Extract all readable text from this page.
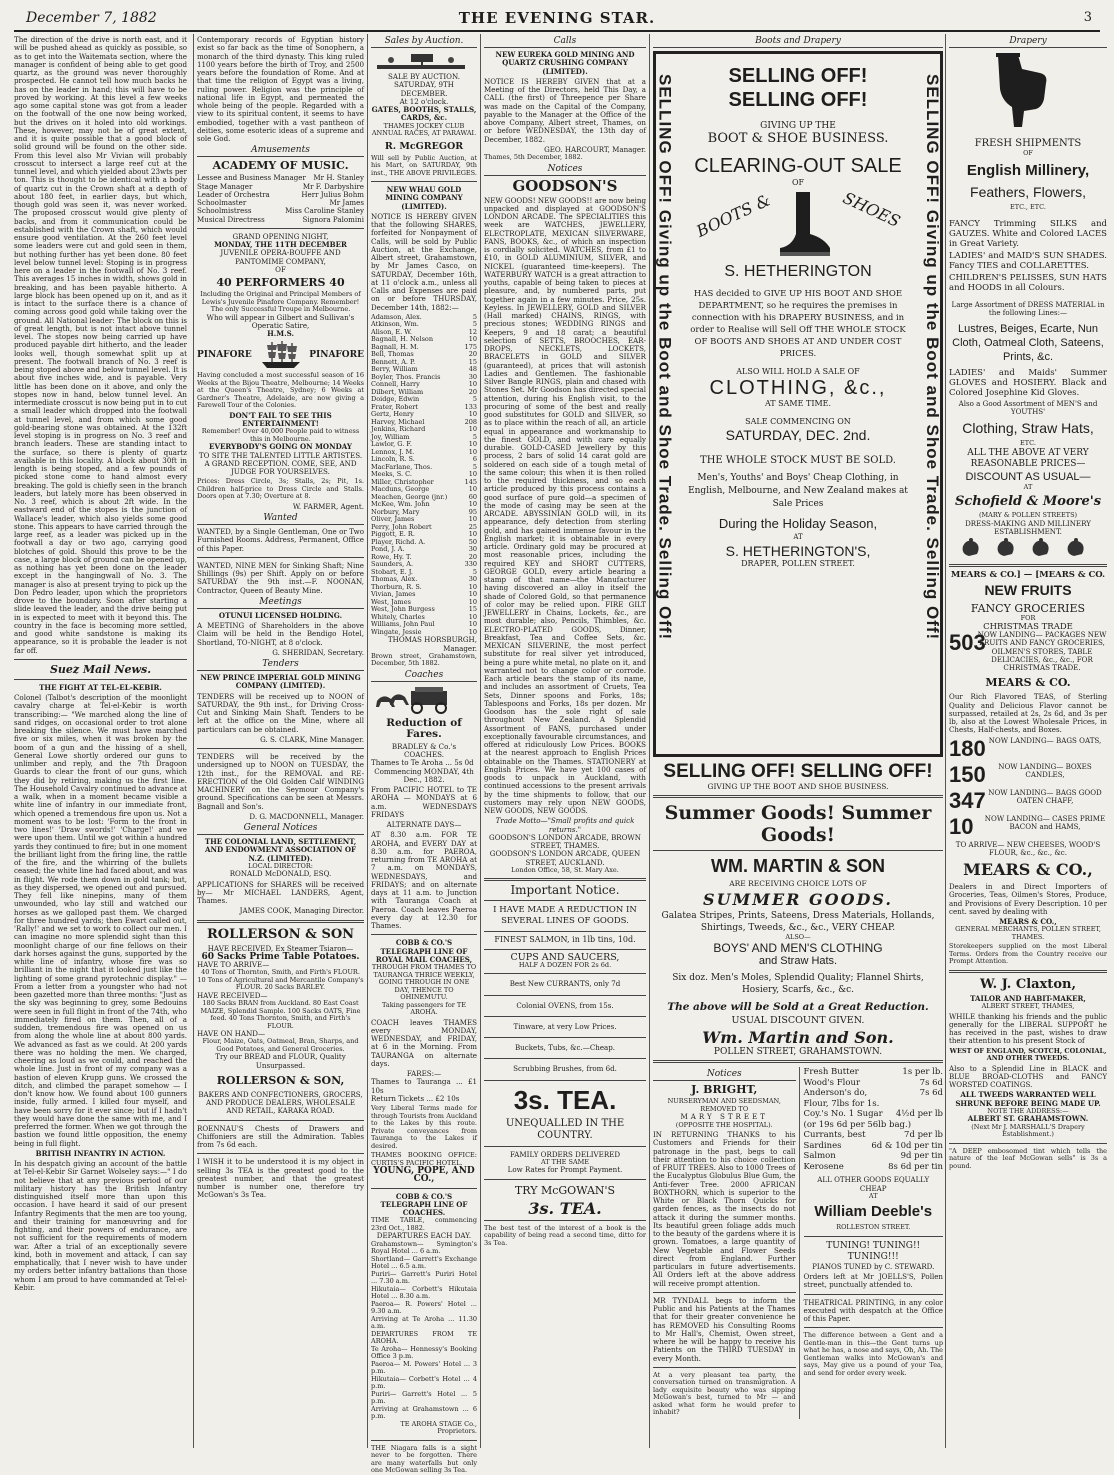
December 7, 1882	THE EVENING STAR.	3

The direction of the drive is north east, and it will be pushed ahead as quickly as possible, so as to get into the Waitemata section, where the manager is confident of being able to get good quartz, as the ground was never thoroughly prospected. He cannot tell how much backs he has on the leader in hand; this will have to be proved by working. At this level a few weeks ago some capital stone was got from a leader on the footwall of the one now being worked, but the drives on it holed into old workings. These, however, may not be of great extent, and it is quite possible that a good block of solid ground will be found on the other side. From this level also Mr Vivian will probably crosscut to intersect a large reef cut at the tunnel level, and which yielded about 23wts per ton. This is thought to be identical with a body of quartz cut in the Crown shaft at a depth of about 180 feet, in earlier days, but which, though gold was seen it, was never worked. The proposed crosscut would give plenty of backs, and from it communication could be established with the Crown shaft, which would ensure good ventilation. At the 260 feet level some leaders were cut and gold seen in them, but nothing further has yet been done. 80 feet level below tunnel level: Stoping is in progress here on a leader in the footwall of No. 3 reef. This averages 15 inches in width, shows gold in breaking, and has been payable hitherto. A large block has been opened up on it, and as it is intact to the surface there is a chance of coming across good gold while taking over the ground. All National leader: The block on this is of great length, but is not intact above tunnel level. The stopes now being carried up have produced payable dirt hitherto, and the leader looks well, though somewhat split up at present. The footwall branch of No. 3 reef is being stoped above and below tunnel level. It is about five inches wide, and is payable. Very little has been done on it above, and only the stopes now in hand, below tunnel level. An intermediate crosscut is now being put in to cut a small leader which dropped into the footwall at tunnel level, and from which some good gold-bearing stone was obtained. At the 132ft level stoping is in progress on No. 3 reef and branch leaders. These are standing intact to the surface, so there is plenty of quartz available in this locality. A block about 30ft in length is being stoped, and a few pounds of picked stone come to hand almost every breaking. The gold is chiefly seen in the branch leaders, but lately more has been observed in No. 3 reef, which is about 2ft wide. In the eastward end of the stopes is the junction of Wallace's leader, which also yields some good stone. This appears to have carried through the large reef, as a leader was picked up in the footwall a day or two ago, carrying good blotches of gold. Should this prove to be the case, a large block of ground can be opened up, as nothing has yet been done on the leader except in the hangingwall of No. 3. The manager is also at present trying to pick up the Don Pedro leader, upon which the proprietors drove to the boundary. Soon after starting a slide leaved the leader, and the drive being put in is expected to meet with it beyond this. The country in the face is becoming more settled, and good white sandstone is making its appearance, so it is probable the leader is not far off.

Suez Mail News.
THE FIGHT AT TEL-EL-KEBIR.

Colonel (Talbot's description of the moonlight cavalry charge at Tel-el-Kebir is worth transcribing:— "We marched along the line of sand ridges, on occasional order to trot alone breaking the silence. We must have marched five or six miles, when it was broken by the boom of a gun and the hissing of a shell, General Lowe shortly ordered our guns to unlimber and reply, and the 7th Dragoon Guards to clear the front of our guns, which they did by retiring, making us the first line. The Household Cavalry continued to advance at a walk, when in a moment became visible a white line of infantry in our immediate front, which opened a tremendous fire upon us. Not a moment was to be lost: 'Form to the front in two lines!' 'Draw swords!' 'Charge!' and we were upon them. Until we got within a hundred yards they continued to fire; but in one moment the brilliant light from the firing line, the rattle of the fire, and the whirring of the bullets ceased; the white line had faced about, and was in flight. We rode them down in gold tank; but, as they dispersed, we opened out and pursued. They fell like ninepins, many of them unwounded, who lay still and watched our horses as we galloped past them. We charged for three hundred yards; then Ewart called out, 'Rally!' and we set to work to collect our men. I can imagine no more splendid sight than this moonlight charge of our fine fellows on their dark horses against the guns, supported by the white line of infantry, whose fire was so brilliant in the night that it looked just like the lighting of some grand pyrotechnic display." — From a letter from a youngster who had not been gazetted more than three months: "Just as the sky was beginning to grey, some Bedouins were seen in full flight in front of the 74th, who immediately fired on them. Then, all of a sudden, tremendous fire was opened on us from along the whole line at about 800 yards. We advanced as fast as we could. At 200 yards there was no holding the men. We charged, cheering as loud as we could, and reached the whole line. Just in front of my company was a bastion of eleven Krupp guns. We crossed the ditch, and climbed the parapet somehow — I don't know how. We found about 100 gunners inside, fully armed. I killed four myself, and have been sorry for it ever since; but if I hadn't they would have done the same with me, and I preferred the former. When we got through the bastion we found little opposition, the enemy being in full flight.

BRITISH INFANTRY IN ACTION.

In his despatch giving an account of the battle at Tel-el-Kebir Sir Garnet Wolseley says:—" I do not believe that at any previous period of our military history has the British Infantry distinguished itself more than upon this occasion. I have heard it said of our present Infantry Regiments that the men are too young, and their training for manœuvring and for fighting, and their powers of endurance, are not sufficient for the requirements of modern war. After a trial of an exceptionally severe kind, both in movement and attack, I can say emphatically, that I never wish to have under my orders better infantry battalions than those whom I am proud to have commanded at Tel-el-Kebir.

Contemporary records of Egyptian history exist so far back as the time of Sonophern, a monarch of the third dynasty. This king ruled 1100 years before the birth of Troy, and 2500 years before the foundation of Rome. And at that time the religion of Egypt was a living, ruling power. Religion was the principle of national life in Egypt, and permeated the whole being of the people. Regarded with a view to its spiritual content, it seems to have embodied, together with a vast pantheon of deities, some esoteric ideas of a supreme and sole God.

Amusements
ACADEMY OF MUSIC.
Lessee and Business Manager Mr H. Stanley
Stage Manager	Mr F. Darbyshire
Leader of Orchestra	Herr Julius Bohm
Schoolmaster	Mr James
Schoolmistress	Miss Caroline Stanley
Musical Directress	Signora Palomini
GRAND OPENING NIGHT,
MONDAY, THE 11TH DECEMBER
JUVENILE OPERA-BOUFFE AND PANTOMIME COMPANY,
OF
40 PERFORMERS 40
Including the Original and Principal Members of Lewis's Juvenile Pinafore Company. Remember! The only Successful Troupe in Melbourne.
Who will appear in Gilbert and Sullivan's Operatic Satire,
H.M.S.
PINAFORE	PINAFORE

Having concluded a most successful season of 16 Weeks at the Bijou Theatre, Melbourne; 14 Weeks at the Queen's Theatre, Sydney; 6 Weeks at Gardner's Theatre, Adelaide, are now giving a Farewell Tour of the Colonies.

DON'T FAIL TO SEE THIS ENTERTAINMENT!
Remember! Over 40,000 People paid to witness this in Melbourne.
EVERYBODY'S GOING ON MONDAY
TO SITE THE TALENTED LITTLE ARTISTES. A GRAND RECEPTION. COME, SEE, AND JUDGE FOR YOURSELVES.

Prices: Dress Circle, 3s; Stalls, 2s; Pit, 1s. Children half-price to Dress Circle and Stalls. Doors open at 7.30; Overture at 8.

W. FARMER, Agent.
Wanted

WANTED, by a Single Gentleman, One or Two Furnished Rooms. Address, Permanent, Office of this Paper.

WANTED, NINE MEN for Sinking Shaft; Nine Shillings (9s) per Shift. Apply on or before SATURDAY the 9th inst.—F. NOONAN, Contractor, Queen of Beauty Mine.

Meetings
OTUNUI LICENSED HOLDING.

A MEETING of Shareholders in the above Claim will be held in the Bendigo Hotel, Shortland, TO-NIGHT, at 8 o'clock.

G. SHERIDAN, Secretary.
Tenders
NEW PRINCE IMPERIAL GOLD MINING COMPANY (LIMITED).

TENDERS will be received up to NOON of SATURDAY, the 9th inst., for Driving Cross-Cut and Sinking Main Shaft. Tenders to be left at the office on the Mine, where all particulars can be obtained.

G. S. CLARK, Mine Manager.

TENDERS will be received by the undersigned up to NOON on TUESDAY, the 12th inst., for the REMOVAL and RE-ERECTION of the Old Golden Calf WINDING MACHINERY on the Seymour Company's ground. Specifications can be seen at Messrs. Bagnall and Son's.

D. G. MACDONNELL, Manager.
General Notices
THE COLONIAL LAND, SETTLEMENT, AND ENDOWMENT ASSOCIATION OF N.Z. (LIMITED).
LOCAL DIRECTOR:
RONALD McDONALD, ESQ.

APPLICATIONS for SHARES will be received by— Mr MICHAEL LANDERS, Agent, Thames.

JAMES COOK, Managing Director.
ROLLERSON & SON
HAVE RECEIVED, Ex Steamer Tsiaron—
60 Sacks Prime Table Potatoes.
HAVE TO ARRIVE—
40 Tons of Thornton, Smith, and Firth's FLOUR. 10 Tons of Agricultural and Mercantile Company's FLOUR. 20 Sacks BARLEY.
HAVE RECEIVED—
180 Sacks BRAN from Auckland. 80 East Coast MAIZE, Splendid Sample. 100 Sacks OATS, Fine feed. 40 Tons Thornton, Smith, and Firth's FLOUR.
HAVE ON HAND—
Flour, Maize, Oats, Oatmeal, Bran, Sharps, and Good Potatoes, and General Groceries.
Try our BREAD and FLOUR, Quality Unsurpassed.
ROLLERSON & SON,
BAKERS AND CONFECTIONERS, GROCERS, AND PRODUCE DEALERS, WHOLESALE AND RETAIL, KARAKA ROAD.

ROENNAU'S Chests of Drawers and Chiffoniers are still the Admiration. Tables from 7s 6d each.

I WISH it to be understood it is my object in selling 3s TEA is the greatest good to the greatest number, and that the greatest number is number one, therefore try McGowan's 3s Tea.

Sales by Auction.
SALE BY AUCTION.
SATURDAY, 9TH DECEMBER.
At 12 o'clock.
GATES, BOOTHS, STALLS, CARDS, &c.
THAMES JOCKEY CLUB ANNUAL RACES, AT PARAWAI.
R. McGREGOR

Will sell by Public Auction, at his Mart, on SATURDAY, 9th inst., THE ABOVE PRIVILEGES.

NEW WHAU GOLD MINING COMPANY (LIMITED).

NOTICE IS HEREBY GIVEN that the following SHARES, forfeited for Nonpayment of Calls, will be sold by Public Auction, at the Exchange, Albert street, Grahamstown, by Mr James Casco, on SATURDAY, December 16th, at 11 o'clock a.m., unless all Calls and Expenses are paid on or before THURSDAY, December 14th, 1882:—

Adamson, Alex.	5
Atkinson, Wm.	5
Alison, E. W.	12
Bagnall, H. Nelson	10
Bagnall, H. M.	175
Bell, Thomas	20
Bennett, A. P.	15
Berry, William	48
Boyler, Thos. Francis	30
Connell, Harry	10
Dilbert, William	20
Doidge, Edwin	5
Frater, Robert	133
Gertz, Henry	10
Harvey, Michael	208
Jenkins, Richard	10
Joy, William	5
Lawlor, G. F.	10
Lennox, J. M.	10
Lincoln, R. S.	6
MacFarlane, Thos.	5
Meeks, S. C.	10
Miller, Christopher	145
Macduns, George	10
Meachen, George (jnr.)	60
McKee, Wm. John	10
Norbury, Mary	95
Oliver, James	10
Perry, John Robert	25
Piggott, E. R.	10
Player, Richd. A.	50
Pond, J. A.	30
Rowe, Hy. T.	20
Saunders, A.	330
Stobart, E. J.	5
Thomas, Alex.	30
Thorburn, R. S.	10
Vivian, James	10
West, James	10
West, John Burgess	15
Whitely, Charles	10
Williams, John Paul	10
Wingate, Jessie	10
THOMAS HORSBURGH, Manager.
Brown street, Grahamstown, December, 5th 1882.
Coaches
Reduction of Fares.
BRADLEY & Co.'s COACHES.
Thames to Te Aroha ... 5s 0d
Commencing MONDAY, 4th Dec., 1882.

From PACIFIC HOTEL to TE AROHA — MONDAYS at 6 a.m. WEDNESDAYS FRIDAYS

ALTERNATE DAYS—

AT 8.30 a.m. FOR TE AROHA, and EVERY DAY at 8.30 a.m. for PAEROA, returning from TE AROHA at 7 a.m. on MONDAYS, WEDNESDAYS, and FRIDAYS; and on alternate days at 11 a.m. to Junction with Tauranga Coach at Paeroa. Coach leaves Paeroa every day at 12.30 for Thames.

COBB & CO.'S TELEGRAPH LINE OF ROYAL MAIL COACHES,
THROUGH FROM THAMES TO TAURANGA THRICE WEEKLY, GOING THROUGH IN ONE DAY, THENCE TO OHINEMUTU.
Taking passengers for TE AROHA.

COACH leaves THAMES every MONDAY, WEDNESDAY, and FRIDAY, at 6 in the Morning. From TAURANGA on alternate days.

FARES:—
Thames to Tauranga ... £1 10s
Return Tickets ... £2 10s

Very Liberal Terms made for through Tourists from Auckland to the Lakes by this route. Private conveyances from Tauranga to the Lakes if desired.

THAMES BOOKING OFFICE: CURTIS'S PACIFIC HOTEL.
YOUNG, POPE, AND CO.,
COBB & CO.'S TELEGRAPH LINE OF COACHES.
TIME TABLE, commencing 23rd Oct., 1882.
DEPARTURES EACH DAY.
Grahamstown— Symington's Royal Hotel ... 6 a.m.
Shortland— Garrett's Exchange Hotel ... 6.5 a.m.
Puriri— Garrett's Puriri Hotel ... 7.30 a.m.
Hikutaia— Corbett's Hikutaia Hotel ... 8.30 a.m.
Paeroa— R. Powers' Hotel ... 9.30 a.m.
Arriving at Te Aroha ... 11.30 a.m.
DEPARTURES FROM TE AROHA.
Te Aroha— Hennessy's Booking Office 3 p.m.
Paeroa— M. Powers' Hotel ... 3 p.m.
Hikutaia— Corbett's Hotel ... 4 p.m.
Puriri— Garrett's Hotel ... 5 p.m.
Arriving at Grahamstown ... 6 p.m.
TE AROHA STAGE Co., Proprietors.

THE Niagara falls is a sight never to be forgotten. There are many waterfalls but only one McGowan selling 3s Tea.

Calls
NEW EUREKA GOLD MINING AND QUARTZ CRUSHING COMPANY (LIMITED).

NOTICE IS HEREBY GIVEN that at a Meeting of the Directors, held This Day, a CALL (the first) of Threepence per Share was made on the Capital of the Company, payable to the Manager at the Office of the above Company, Albert street, Thames, on or before WEDNESDAY, the 13th day of December, 1882.

GEO. HARCOURT, Manager.
Thames, 5th December, 1882.
Notices
GOODSON'S

NEW GOODS! NEW GOODS!! are now being unpacked and displayed at GOODSON'S LONDON ARCADE. The SPECIALITIES this week are WATCHES, JEWELLERY, ELECTROPLATE, MEXICAN SILVERWARE, FANS, BOOKS, &c., of which an inspection is cordially solicited. WATCHES, from £1 to £10, in GOLD ALUMINIUM, SILVER, and NICKEL (guaranteed time-keepers). The WATERBURY WATCH is a great attraction to youths, capable of being taken to pieces at pleasure, and, by numbered parts, put together again in a few minutes. Price, 25s. Keyless. In JEWELLERY, GOLD and SILVER (Hall marked) CHAINS, RINGS, with precious stones; WEDDING RINGS and Keepers, 9 and 18 carat; a beautiful selection of SETTS, BROOCHES, EAR-DROPS, NECKLETS, LOCKETS, BRACELETS in GOLD and SILVER (guaranteed), at prices that will astonish Ladies and Gentlemen. The fashionable Silver Bangle RINGS, plain and chased with Stones Set. Mr Goodson has directed special attention, during his English visit, to the procuring of some of the best and really good substitutes for GOLD and SILVER, so as to place within the reach of all, an article equal in appearance and workmanship to the finest GOLD, and with care equally durable. GOLD-CASED Jewellery by this process, 2 bars of solid 14 carat gold are soldered on each side of a tough metal of the same colour; this when it is then rolled to the required thickness, and so each article produced by this process contains a good surface of pure gold—a specimen of the mode of casing may be seen at the ARCADE. ABYSSINIAN GOLD will, in its appearance, defy detection from sterling gold, and has gained immense favour in the English market; it is obtainable in every article. Ordinary gold may be procured at most reasonable prices, including the required KEY and SHORT CUTTERS, GEORGE GOLD, every article bearing a stamp of that name—the Manufacturer having discovered an alloy in itself the shade of Colored Gold, so that permanence of color may be relied upon. FIRE GILT JEWELLERY in Chains, Lockets, &c., are most durable; also, Pencils, Thimbles, &c. ELECTRO-PLATED GOODS, Dinner, Breakfast, Tea and Coffee Sets, &c. MEXICAN SILVERINE, the most perfect substitute for real silver yet introduced, being a pure white metal, no plate on it, and warranted not to change color or corrode. Each article bears the stamp of its name, and includes an assortment of Cruets, Tea Sets, Dinner spoons and Forks, 18s; Tablespoons and Forks, 18s per dozen. Mr Goodson has the sole right of sale throughout New Zealand. A Splendid Assortment of FANS, purchased under exceptionally favourable circumstances, and offered at ridiculously Low Prices. BOOKS at the nearest approach to English Prices obtainable on the Thames. STATIONERY at English Prices. We have yet 100 cases of goods to unpack in Auckland, with continued accessions to the present arrivals by the time shipments to follow, that our customers may rely upon NEW GOODS, NEW GOODS, NEW GOODS.

Trade Motto—"Small profits and quick returns."
GOODSON'S LONDON ARCADE, BROWN STREET, THAMES.
GOODSON'S LONDON ARCADE, QUEEN STREET, AUCKLAND.
London Office, 58, St. Mary Axe.
Important Notice.
I HAVE MADE A REDUCTION IN SEVERAL LINES OF GOODS.
FINEST SALMON, in 1lb tins, 10d.
CUPS AND SAUCERS,
HALF A DOZEN FOR 2s 6d.
Best New CURRANTS, only 7d
Colonial OVENS, from 15s.
Tinware, at very Low Prices.
Buckets, Tubs, &c.—Cheap.
Scrubbing Brushes, from 6d.
3s. TEA.
UNEQUALLED IN THE COUNTRY.
FAMILY ORDERS DELIVERED
AT THE SAME
Low Rates for Prompt Payment.
TRY McGOWAN'S
3s. TEA.

The best test of the interest of a book is the capability of being read a second time, ditto for 3s Tea.

Boots and Drapery
SELLING OFF! Giving up the Boot and Shoe Trade. Selling Off!	SELLING OFF! Giving up the Boot and Shoe Trade. Selling Off!
SELLING OFF!
SELLING OFF!
GIVING UP THE
BOOT & SHOE BUSINESS.
CLEARING-OUT SALE
OF
BOOTS &	SHOES
S. HETHERINGTON

HAS decided to GIVE UP HIS BOOT AND SHOE DEPARTMENT, so he requires the premises in connection with his DRAPERY BUSINESS, and in order to Realise will Sell Off THE WHOLE STOCK OF BOOTS AND SHOES AT AND UNDER COST PRICES.

ALSO WILL HOLD A SALE OF
CLOTHING, &c.,
AT SAME TIME.
SALE COMMENCING ON
SATURDAY, DEC. 2nd.
THE WHOLE STOCK MUST BE SOLD.
Men's, Youths' and Boys' Cheap Clothing, in English, Melbourne, and New Zealand makes at Sale Prices
During the Holiday Season,
AT
S. HETHERINGTON'S,
DRAPER, POLLEN STREET.
SELLING OFF! SELLING OFF!
GIVING UP THE BOOT AND SHOE BUSINESS.
Summer Goods! Summer Goods!
WM. MARTIN & SON
ARE RECEIVING CHOICE LOTS OF
SUMMER GOODS.
Galatea Stripes, Prints, Sateens, Dress Materials, Hollands, Shirtings, Tweeds, &c., &c., VERY CHEAP.
ALSO—
BOYS' AND MEN'S CLOTHING
and Straw Hats.
Six doz. Men's Moles, Splendid Quality; Flannel Shirts, Hosiery, Scarfs, &c., &c.
The above will be Sold at a Great Reduction.
USUAL DISCOUNT GIVEN.
Wm. Martin and Son.
POLLEN STREET, GRAHAMSTOWN.
Notices
J. BRIGHT,
NURSERYMAN AND SEEDSMAN, REMOVED TO
MARY STREET
(OPPOSITE THE HOSPITAL).

IN RETURNING THANKS to his Customers and Friends for their patronage in the past, begs to call their attention to his choice collection of FRUIT TREES. Also to 1000 Trees of the Eucalyptus Globulus Blue Gum, the Anti-fever Tree. 2000 AFRICAN BOXTHORN, which is superior to the White or Black Thorn Quicks for garden fences, as the insects do not attack it during the summer months. Its beautiful green foliage adds much to the beauty of the gardens where it is grown. Tomatoes, a large quantity of New Vegetable and Flower Seeds direct from England. Further particulars in future advertisements. All Orders left at the above address will receive prompt attention.

MR TYNDALL begs to inform the Public and his Patients at the Thames that for their greater convenience he has REMOVED his Consulting Rooms to Mr Hall's, Chemist, Owen street, where he will be happy to receive his Patients on the THIRD TUESDAY in every Month.

At a very pleasant tea party, the conversation turned on transmigration. A lady exquisite beauty who was sipping McGowan's best, turned to Mr — and asked what form he would prefer to inhabit?

Fresh Butter	1s per lb.
Wood's Flour	7s 6d
Anderson's do,	7s 6d
Flour, 7lbs for 1s.
Coy.'s No. 1 Sugar 4½d per lb
(or 19s 6d per 56lb bag.)
Currants, best	7d per lb
Sardines	6d & 10d per tin
Salmon	9d per tin
Kerosene	8s 6d per tin
ALL OTHER GOODS EQUALLY CHEAP
AT
William Deeble's
ROLLESTON STREET.
TUNING! TUNING!! TUNING!!!
PIANOS TUNED by C. STEWARD.

Orders left at Mr JOELLS'S, Pollen street, punctually attended to.

THEATRICAL PRINTING, in any color executed with despatch at the Office of this Paper.

The difference between a Gent and a Gentle-man in this—the Gent turns up what he has, a nose and says, Oh, Ah. The Gentleman walks into McGowan's and says, May give us a pound of your Tea, and send for order every week.

Drapery
FRESH SHIPMENTS
OF
English Millinery,
Feathers, Flowers,
ETC., ETC.

FANCY Trimming SILKS and GAUZES. White and Colored LACES in Great Variety.

LADIES' and MAID'S SUN SHADES. Fancy TIES and COLLARETTES.

CHILDREN'S PELISSES, SUN HATS and HOODS in all Colours.

Large Assortment of DRESS MATERIAL in the following Lines:—
Lustres, Beiges, Ecarte, Nun Cloth, Oatmeal Cloth, Sateens, Prints, &c.

LADIES' and Maids' Summer GLOVES and HOSIERY. Black and Colored Josephine Kid Gloves.

Also a Good Assortment of MEN'S and YOUTHS'
Clothing, Straw Hats,
ETC.
ALL THE ABOVE AT VERY REASONABLE PRICES—
DISCOUNT AS USUAL—
AT
Schofield & Moore's
(MARY & POLLEN STREETS)
DRESS-MAKING AND MILLINERY ESTABLISHMENT.
MEARS & CO.] — [MEARS & CO.
NEW FRUITS
FANCY GROCERIES
FOR
CHRISTMAS TRADE
503
NOW LANDING— PACKAGES NEW FRUITS AND FANCY GROCERIES, OILMEN'S STORES, TABLE DELICACIES, &c., &c., FOR CHRISTMAS TRADE.
MEARS & CO.

Our Rich Flavored TEAS, of Sterling Quality and Delicious Flavor cannot be surpassed, retailed at 2s, 2s 6d, and 3s per lb, also at the Lowest Wholesale Prices, in Chests, Half-chests, and Boxes.

180 NOW LANDING— BAGS OATS,
150	NOW LANDING— BOXES CANDLES,
347 NOW LANDING— BAGS GOOD OATEN CHAFF,
10	NOW LANDING— CASES PRIME BACON and HAMS,
TO ARRIVE— NEW CHEESES, WOOD'S FLOUR, &c., &c., &c.
MEARS & CO.,

Dealers in and Direct Importers of Groceries, Teas, Oilmen's Stores, Produce, and Provisions of Every Description. 10 per cent. saved by dealing with

MEARS & CO.,
GENERAL MERCHANTS, POLLEN STREET, THAMES.

Storekeepers supplied on the most Liberal Terms. Orders from the Country receive our Prompt Attention.

W. J. Claxton,
TAILOR AND HABIT-MAKER,
ALBERT STREET, THAMES,

WHILE thanking his friends and the public generally for the LIBERAL SUPPORT he has received in the past, wishes to draw their attention to his present Stock of

WEST OF ENGLAND, SCOTCH, COLONIAL, AND OTHER TWEEDS.

Also to a Splendid Line in BLACK and BLUE BROAD-CLOTHS and FANCY WORSTED COATINGS.

ALL TWEEDS WARRANTED WELL SHRUNK BEFORE BEING MADE UP.
NOTE THE ADDRESS:—
ALBERT ST. GRAHAMSTOWN.
(Next Mr J. MARSHALL'S Drapery Establishment.)

"A DEEP embosomed tint which tells the nature of the leaf McGowan sells" is 3s a pound.
